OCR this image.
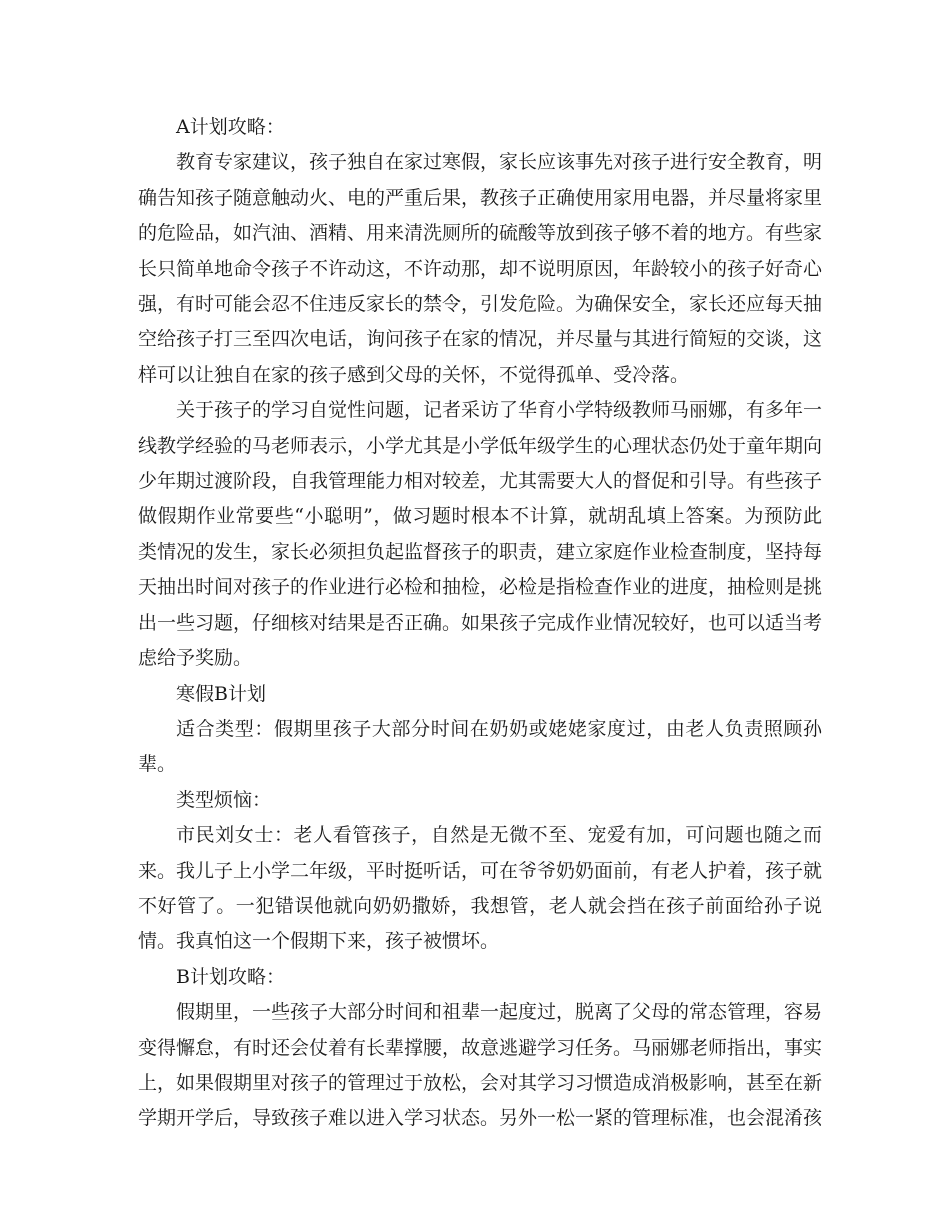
A计划攻略：

教育专家建议，孩子独自在家过寒假，家长应该事先对孩子进行安全教育，明确告知孩子随意触动火、电的严重后果，教孩子正确使用家用电器，并尽量将家里的危险品，如汽油、酒精、用来清洗厕所的硫酸等放到孩子够不着的地方。有些家长只简单地命令孩子不许动这，不许动那，却不说明原因，年龄较小的孩子好奇心强，有时可能会忍不住违反家长的禁令，引发危险。为确保安全，家长还应每天抽空给孩子打三至四次电话，询问孩子在家的情况，并尽量与其进行简短的交谈，这样可以让独自在家的孩子感到父母的关怀，不觉得孤单、受冷落。

关于孩子的学习自觉性问题，记者采访了华育小学特级教师马丽娜，有多年一线教学经验的马老师表示，小学尤其是小学低年级学生的心理状态仍处于童年期向少年期过渡阶段，自我管理能力相对较差，尤其需要大人的督促和引导。有些孩子做假期作业常要些“小聪明”，做习题时根本不计算，就胡乱填上答案。为预防此类情况的发生，家长必须担负起监督孩子的职责，建立家庭作业检查制度，坚持每天抽出时间对孩子的作业进行必检和抽检，必检是指检查作业的进度，抽检则是挑出一些习题，仔细核对结果是否正确。如果孩子完成作业情况较好，也可以适当考虑给予奖励。

寒假B计划

适合类型：假期里孩子大部分时间在奶奶或姥姥家度过，由老人负责照顾孙辈。

类型烦恼：

市民刘女士：老人看管孩子，自然是无微不至、宠爱有加，可问题也随之而来。我儿子上小学二年级，平时挺听话，可在爷爷奶奶面前，有老人护着，孩子就不好管了。一犯错误他就向奶奶撒娇，我想管，老人就会挡在孩子前面给孙子说情。我真怕这一个假期下来，孩子被惯坏。

B计划攻略：

假期里，一些孩子大部分时间和祖辈一起度过，脱离了父母的常态管理，容易变得懈怠，有时还会仗着有长辈撑腰，故意逃避学习任务。马丽娜老师指出，事实上，如果假期里对孩子的管理过于放松，会对其学习习惯造成消极影响，甚至在新学期开学后，导致孩子难以进入学习状态。另外一松一紧的管理标准，也会混淆孩
